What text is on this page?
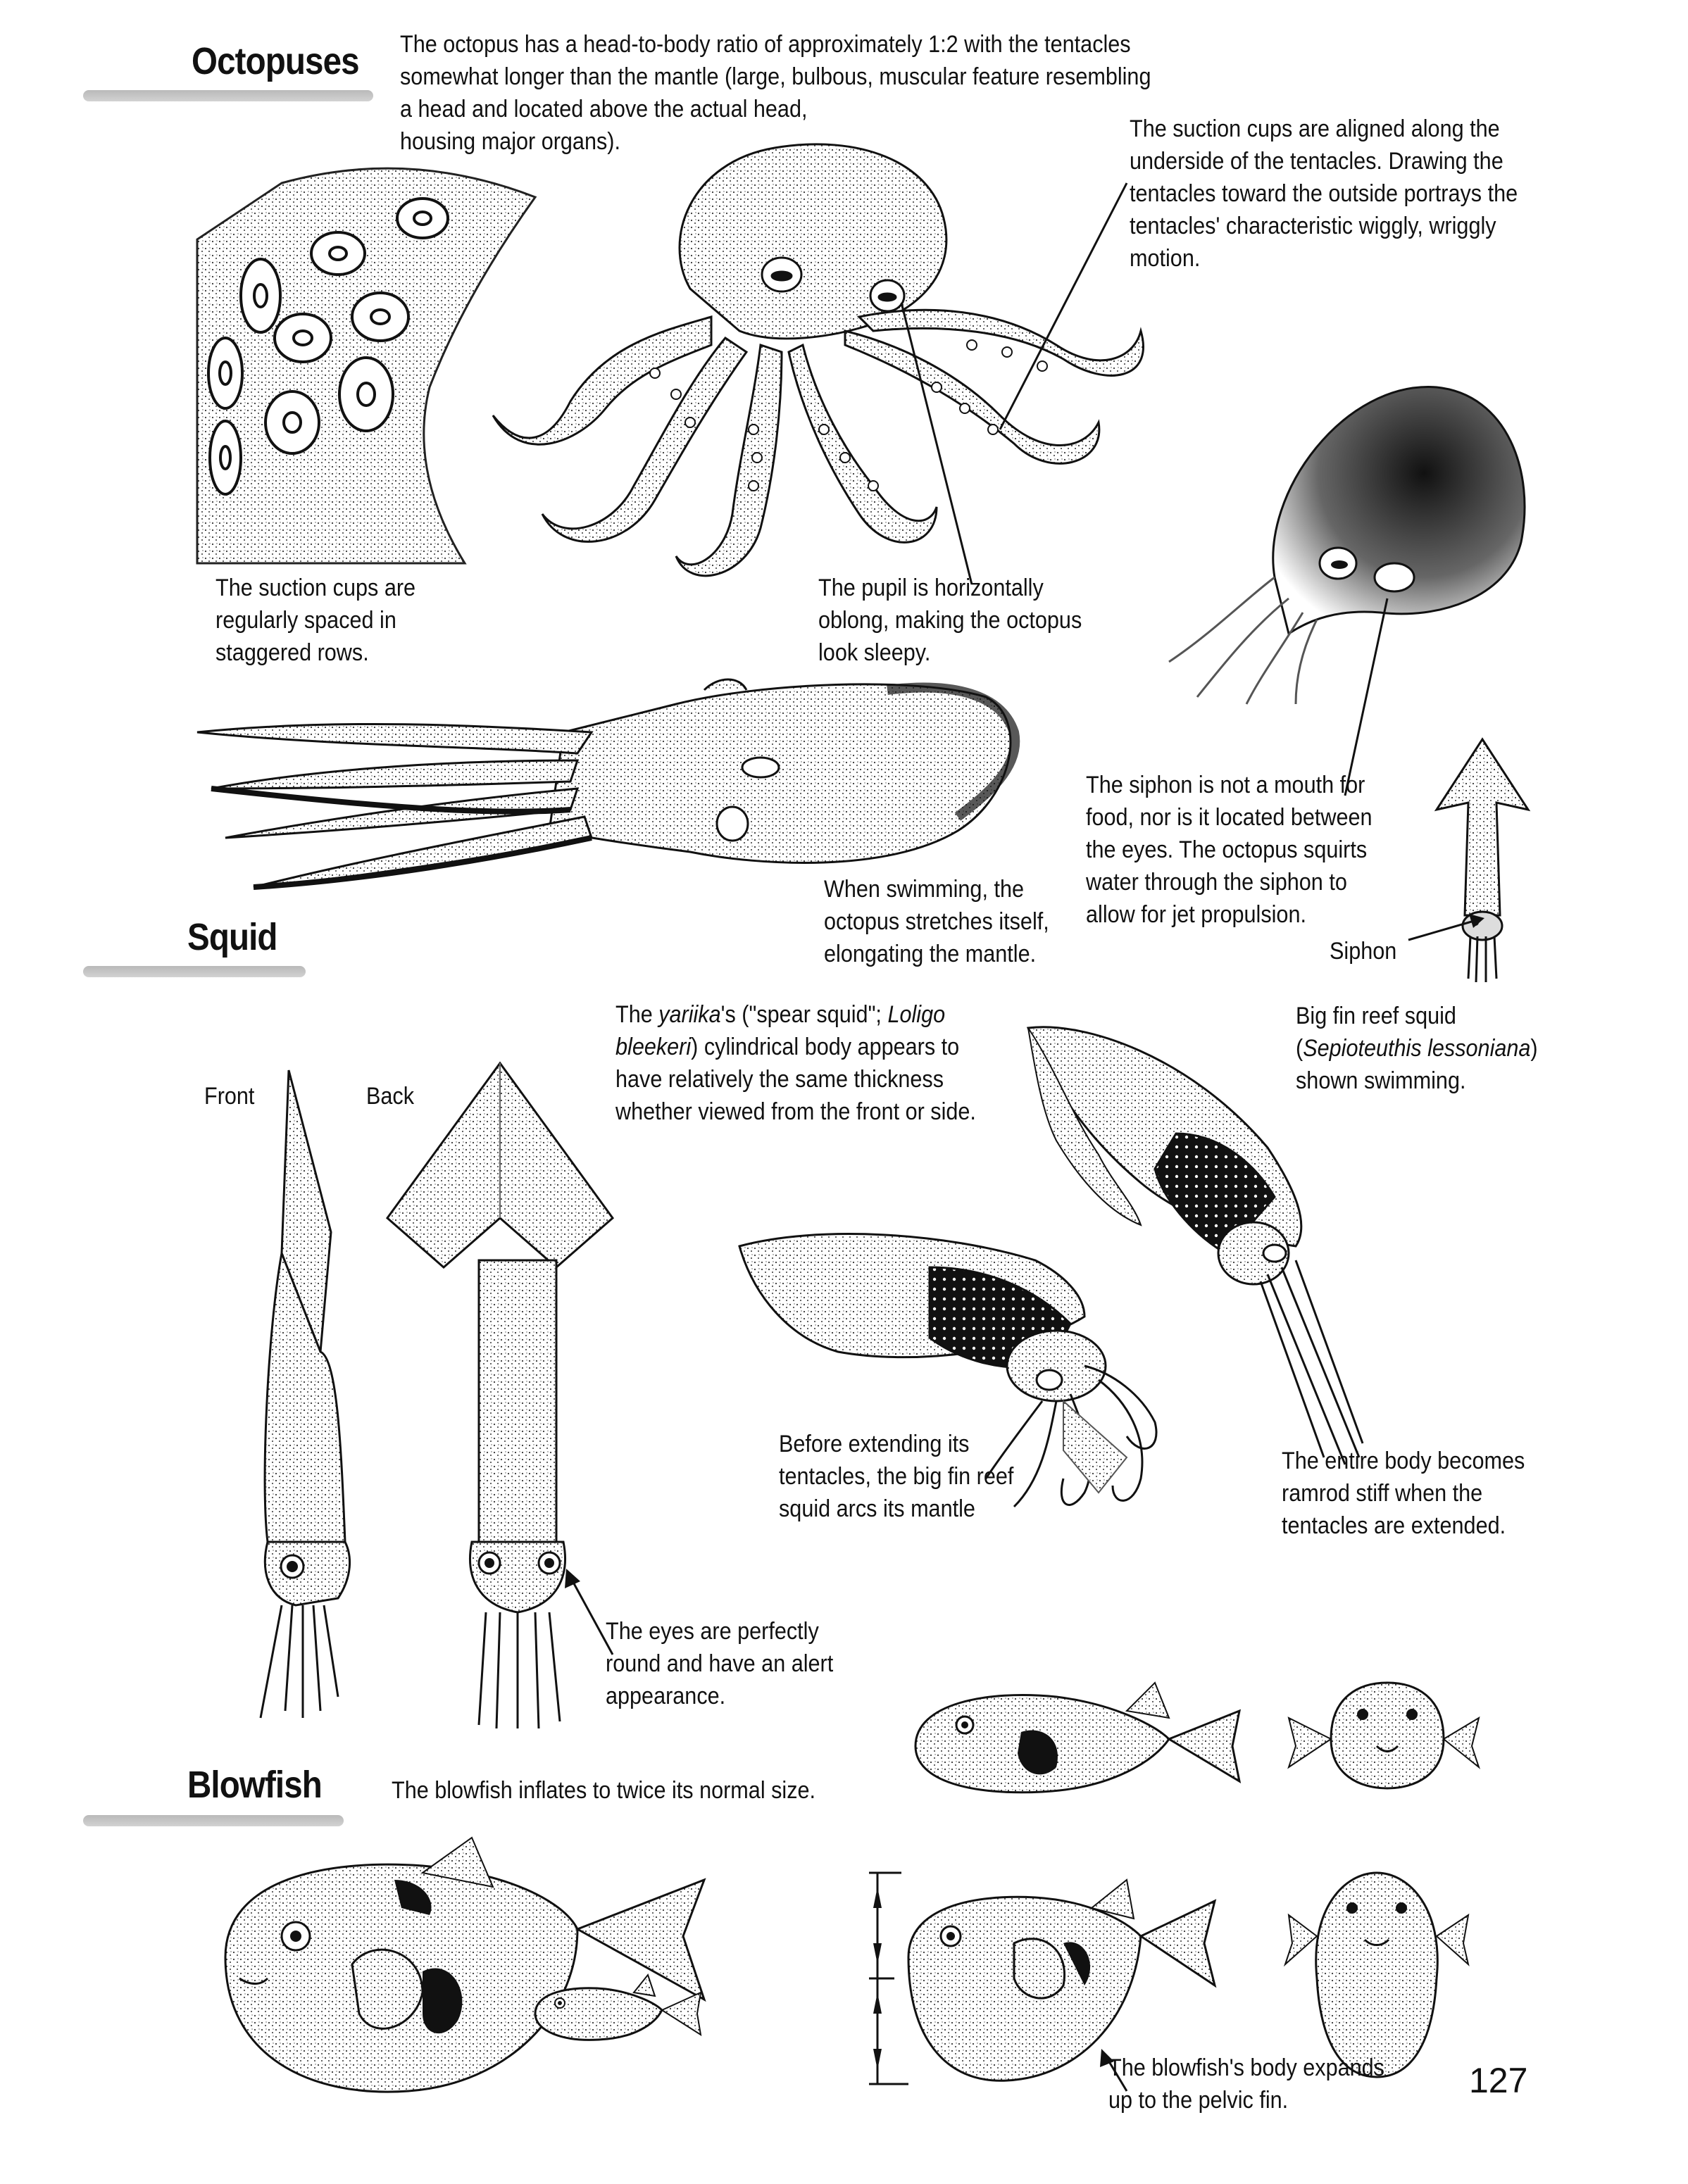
Octopuses The octopus has a head-to-body ratio of approximately 1:2 with the tentacles
somewhat longer than the mantle (large, bulbous, muscular feature resembling
a head and located above the actual head,
housing major organs).	The suction cups are aligned along the
underside of the tentacles. Drawing the
tentacles toward the outside portrays the
tentacles' characteristic wiggly, wriggly
motion.
The suction cups are
regularly spaced in
staggered rows.
The pupil is horizontally
oblong, making the octopus
look sleepy.
The siphon is not a mouth for
food, nor is it located between
the eyes. The octopus squirts
water through the siphon to
allow for jet propulsion.
When swimming, the
octopus stretches itself,
elongating the mantle.	Siphon
Squid
The yariika's ("spear squid"; Loligo
bleekeri) cylindrical body appears to
have relatively the same thickness
whether viewed from the front or side.
Big fin reef squid
(Sepioteuthis lessoniana)
shown swimming.
Front	Back
Before extending its
tentacles, the big fin reef
squid arcs its mantle
The entire body becomes
ramrod stiff when the
tentacles are extended.
The eyes are perfectly
round and have an alert
appearance.
Blowfish	The blowfish inflates to twice its normal size.
The blowfish's body expands
up to the pelvic fin.	127
